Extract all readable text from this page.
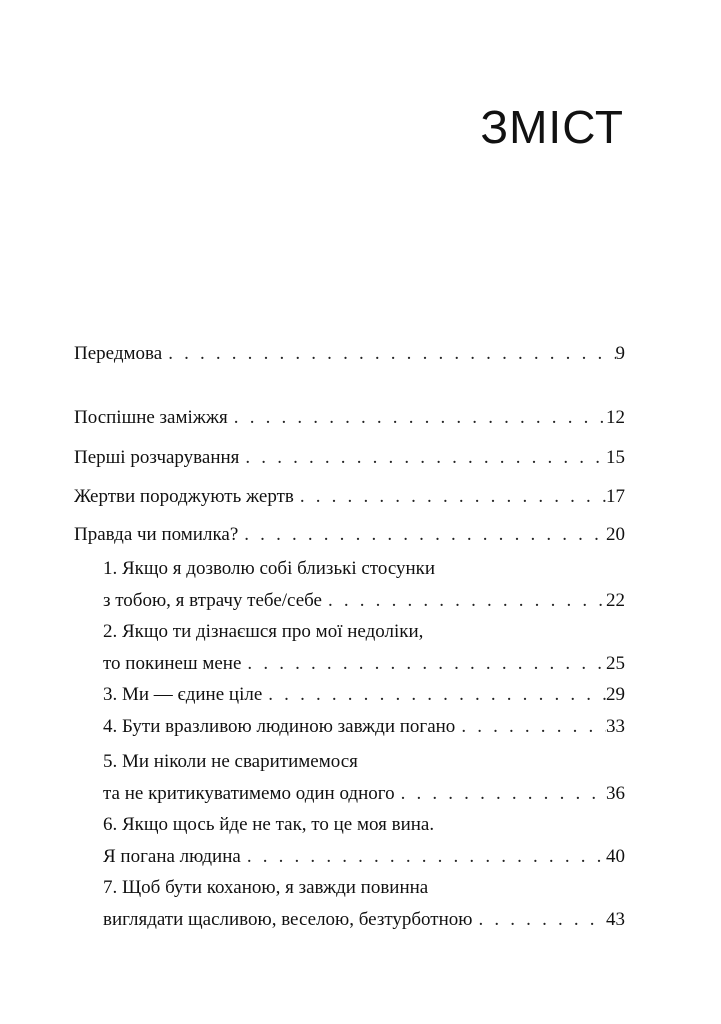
ЗМІСТ
Передмова . . .	9
Поспішне заміжжя . . .	12
Перші розчарування . . .	15
Жертви породжують жертв . . .	17
Правда чи помилка? . . .	20
1. Якщо я дозволю собі близькі стосунки
з тобою, я втрачу тебе/себе . . .	22
2. Якщо ти дізнаєшся про мої недоліки,
то покинеш мене . . .	25
3. Ми — єдине ціле . . .	29
4. Бути вразливою людиною завжди погано . . .	33
5. Ми ніколи не сваритимемося
та не критикуватимемо один одного . . .	36
6. Якщо щось йде не так, то це моя вина.
Я погана людина . . .	40
7. Щоб бути коханою, я завжди повинна
виглядати щасливою, веселою, безтурботною . . .	43
